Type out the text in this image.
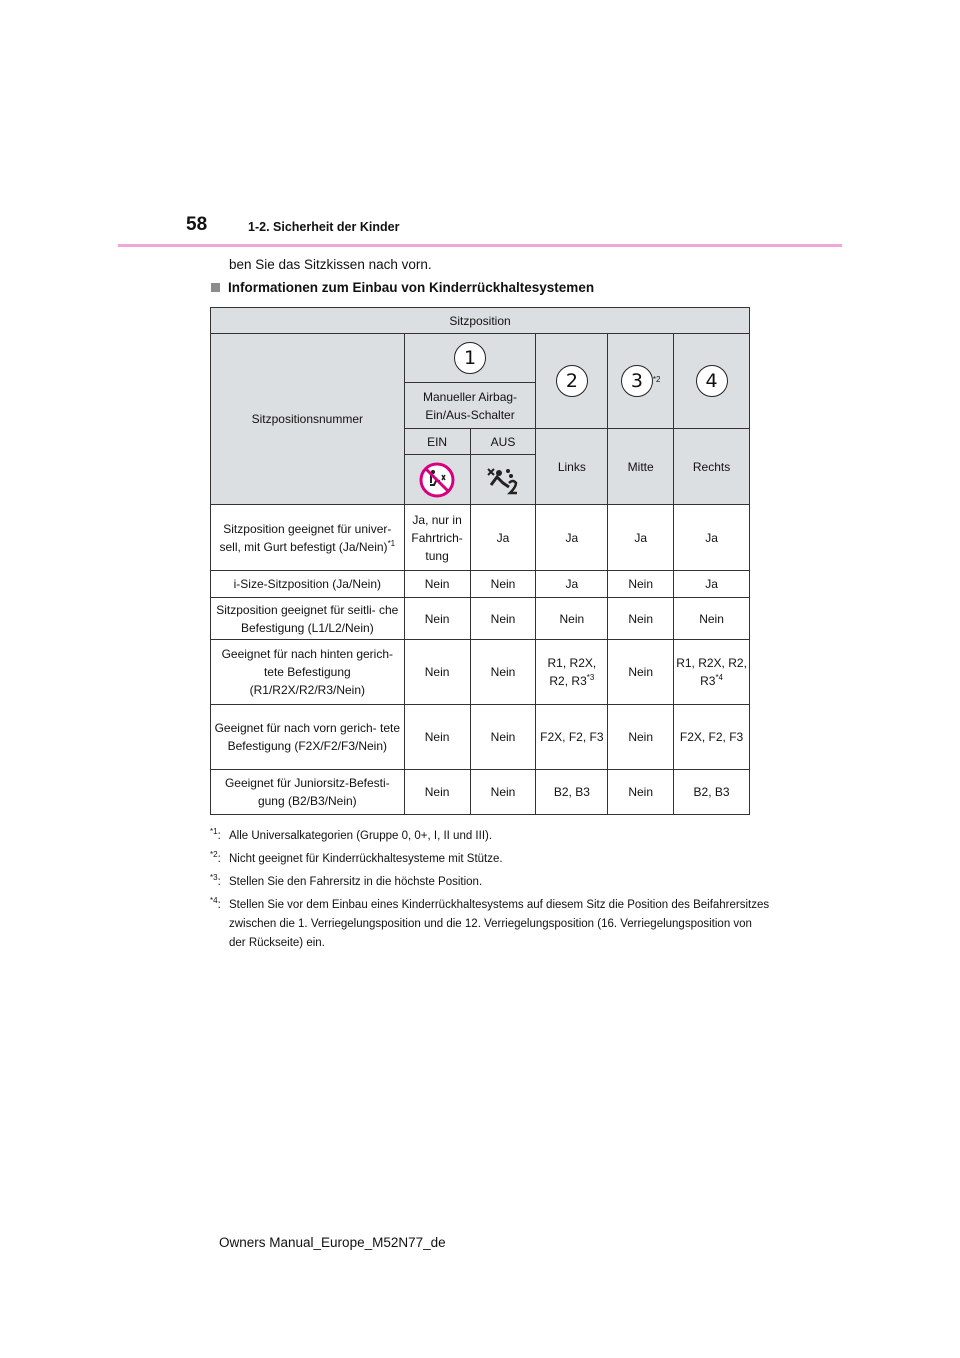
58	1-2. Sicherheit der Kinder
ben Sie das Sitzkissen nach vorn.
Informationen zum Einbau von Kinderrückhaltesystemen
Sitzposition					
Sitzpositionsnummer	1		2	3 $^{*2}$	4
	Manueller Airbag-Ein/Aus-Schalter				
	EIN	AUS	Links	Mitte	Rechts

Sitzposition geeignet für univer- sell, mit Gurt befestigt (Ja/Nein)$^{*1}$	Ja, nur in Fahrtrich- tung	Ja	Ja	Ja	Ja
i-Size-Sitzposition (Ja/Nein)	Nein	Nein	Ja	Nein	Ja
Sitzposition geeignet für seitli- che Befestigung (L1/L2/Nein)	Nein	Nein	Nein	Nein	Nein
Geeignet für nach hinten gerich- tete Befestigung (R1/R2X/R2/R3/Nein)	Nein	Nein	R1, R2X, R2, R3$^{*3}$	Nein	R1, R2X, R2, R3$^{*4}$
Geeignet für nach vorn gerich- tete Befestigung (F2X/F2/F3/Nein)	Nein	Nein	F2X, F2, F3	Nein	F2X, F2, F3
Geeignet für Juniorsitz-Befesti- gung (B2/B3/Nein)	Nein	Nein	B2, B3	Nein	B2, B3
$^{*1}$: Alle Universalkategorien (Gruppe 0, 0+, I, II und III).
$^{*2}$: Nicht geeignet für Kinderrückhaltesysteme mit Stütze.
$^{*3}$: Stellen Sie den Fahrersitz in die höchste Position.
$^{*4}$: Stellen Sie vor dem Einbau eines Kinderrückhaltesystems auf diesem Sitz die Position des Beifahrersitzes zwischen die 1. Verriegelungsposition und die 12. Verriegelungsposition (16. Verriegelungsposition von der Rückseite) ein.
Owners Manual_Europe_M52N77_de
